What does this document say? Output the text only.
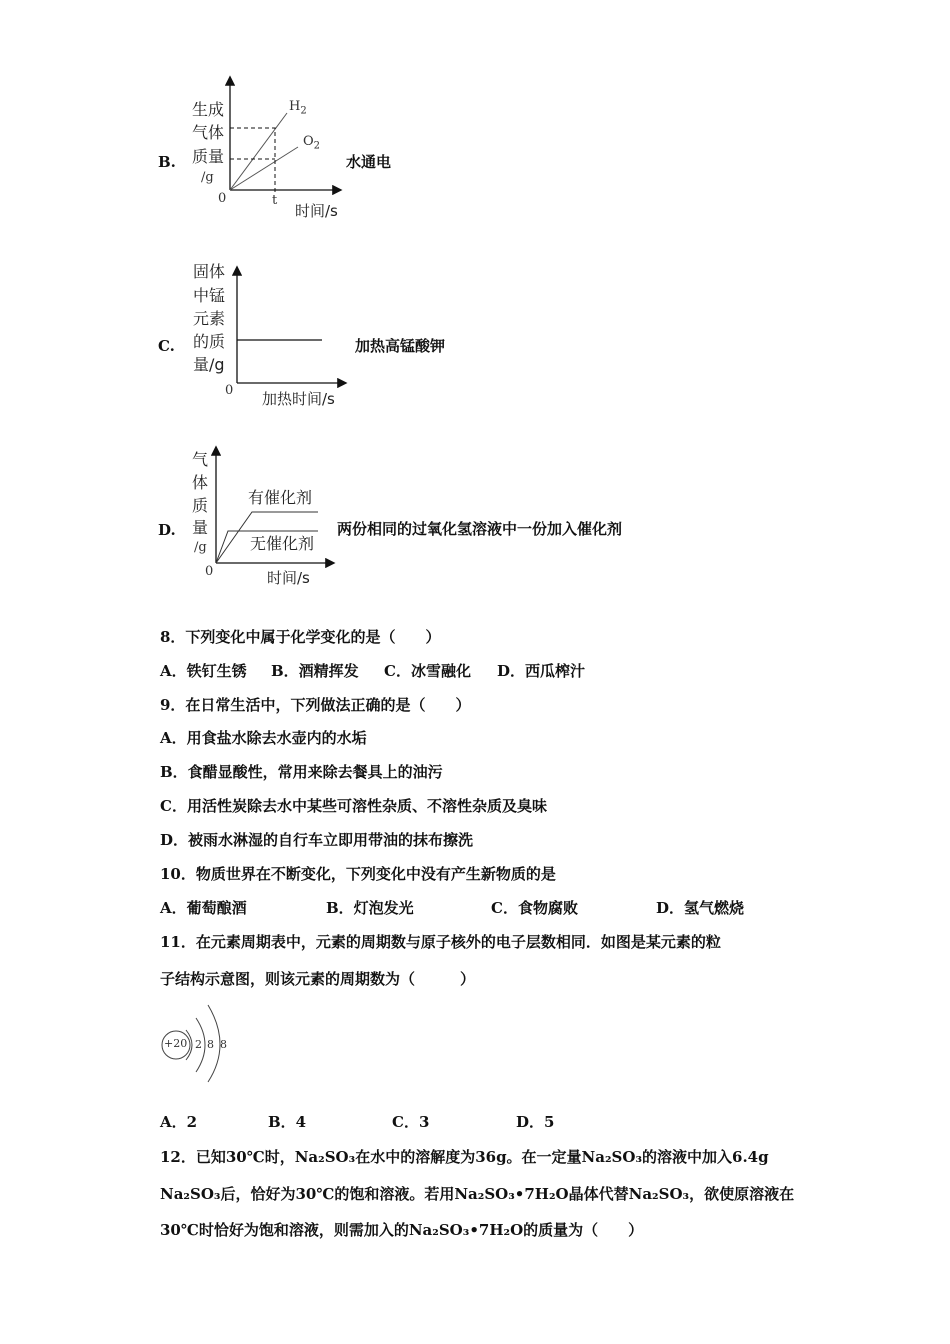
B.
生成
气体
质量
/g
0	t
时间/s
$H_2$
$O_2$
水通电
C.
固体
中锰
元素
的质
量/g
0 加热时间/s
加热高锰酸钾
D.
气
体
质
量
/g
0	时间/s
有催化剂
无催化剂
两份相同的过氧化氢溶液中一份加入催化剂
8．下列变化中属于化学变化的是（　　）
A．铁钉生锈 B．酒精挥发 C．冰雪融化 D．西瓜榨汁
9．在日常生活中，下列做法正确的是（　　）
A．用食盐水除去水壶内的水垢
B．食醋显酸性，常用来除去餐具上的油污
C．用活性炭除去水中某些可溶性杂质、不溶性杂质及臭味
D．被雨水淋湿的自行车立即用带油的抹布擦洗
10．物质世界在不断变化，下列变化中没有产生新物质的是
A．葡萄酿酒	B．灯泡发光	C．食物腐败	D．氢气燃烧
11．在元素周期表中，元素的周期数与原子核外的电子层数相同．如图是某元素的粒
子结构示意图，则该元素的周期数为（　　　）
+20 2 8 8
A．2	B．4	C．3	D．5
12．已知30℃时，Na₂SO₃在水中的溶解度为36g。在一定量Na₂SO₃的溶液中加入6.4g
Na₂SO₃后，恰好为30℃的饱和溶液。若用Na₂SO₃•7H₂O晶体代替Na₂SO₃，欲使原溶液在
30℃时恰好为饱和溶液，则需加入的Na₂SO₃•7H₂O的质量为（　　）
